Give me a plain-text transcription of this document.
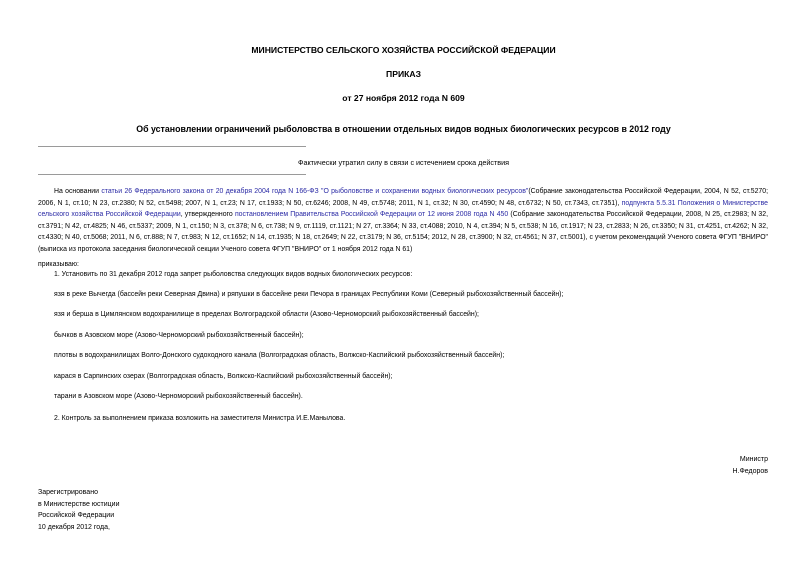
МИНИСТЕРСТВО СЕЛЬСКОГО ХОЗЯЙСТВА РОССИЙСКОЙ ФЕДЕРАЦИИ
ПРИКАЗ
от 27 ноября 2012 года N 609
Об установлении ограничений рыболовства в отношении отдельных видов водных биологических ресурсов в 2012 году
Фактически утратил силу в связи с истечением срока действия
На основании статьи 26 Федерального закона от 20 декабря 2004 года N 166-ФЗ "О рыболовстве и сохранении водных биологических ресурсов"(Собрание законодательства Российской Федерации, 2004, N 52, ст.5270; 2006, N 1, ст.10; N 23, ст.2380; N 52, ст.5498; 2007, N 1, ст.23; N 17, ст.1933; N 50, ст.6246; 2008, N 49, ст.5748; 2011, N 1, ст.32; N 30, ст.4590; N 48, ст.6732; N 50, ст.7343, ст.7351), подпункта 5.5.31 Положения о Министерстве сельского хозяйства Российской Федерации, утвержденного постановлением Правительства Российской Федерации от 12 июня 2008 года N 450 (Собрание законодательства Российской Федерации, 2008, N 25, ст.2983; N 32, ст.3791; N 42, ст.4825; N 46, ст.5337; 2009, N 1, ст.150; N 3, ст.378; N 6, ст.738; N 9, ст.1119, ст.1121; N 27, ст.3364; N 33, ст.4088; 2010, N 4, ст.394; N 5, ст.538; N 16, ст.1917; N 23, ст.2833; N 26, ст.3350; N 31, ст.4251, ст.4262; N 32, ст.4330; N 40, ст.5068; 2011, N 6, ст.888; N 7, ст.983; N 12, ст.1652; N 14, ст.1935; N 18, ст.2649; N 22, ст.3179; N 36, ст.5154; 2012, N 28, ст.3900; N 32, ст.4561; N 37, ст.5001), с учетом рекомендаций Ученого совета ФГУП "ВНИРО" (выписка из протокола заседания биологической секции Ученого совета ФГУП "ВНИРО" от 1 ноября 2012 года N 61)
приказываю:
1. Установить по 31 декабря 2012 года запрет рыболовства следующих видов водных биологических ресурсов:
язя в реке Вычегда (бассейн реки Северная Двина) и ряпушки в бассейне реки Печора в границах Республики Коми (Северный рыбохозяйственный бассейн);
язя и берша в Цимлянском водохранилище в пределах Волгоградской области (Азово-Черноморский рыбохозяйственный бассейн);
бычков в Азовском море (Азово-Черноморский рыбохозяйственный бассейн);
плотвы в водохранилищах Волго-Донского судоходного канала (Волгоградская область, Волжско-Каспийский рыбохозяйственный бассейн);
карася в Сарпинских озерах (Волгоградская область, Волжско-Каспийский рыбохозяйственный бассейн);
тарани в Азовском море (Азово-Черноморский рыбохозяйственный бассейн).
2. Контроль за выполнением приказа возложить на заместителя Министра И.Е.Манылова.
Министр
Н.Федоров
Зарегистрировано
в Министерстве юстиции
Российской Федерации
10 декабря 2012 года,
